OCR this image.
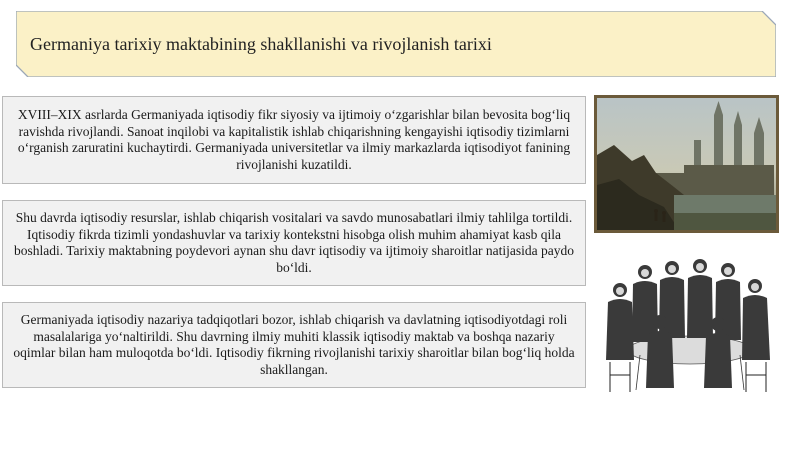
Germaniya tarixiy maktabining shakllanishi va rivojlanish tarixi
XVIII–XIX asrlarda Germaniyada iqtisodiy fikr siyosiy va ijtimoiy oʻzgarishlar bilan bevosita bogʻliq ravishda rivojlandi. Sanoat inqilobi va kapitalistik ishlab chiqarishning kengayishi iqtisodiy tizimlarni oʻrganish zaruratini kuchaytirdi. Germaniyada universitetlar va ilmiy markazlarda iqtisodiyot fanining rivojlanishi kuzatildi.
Shu davrda iqtisodiy resurslar, ishlab chiqarish vositalari va savdo munosabatlari ilmiy tahlilga tortildi. Iqtisodiy fikrda tizimli yondashuvlar va tarixiy kontekstni hisobga olish muhim ahamiyat kasb qila boshladi. Tarixiy maktabning poydevori aynan shu davr iqtisodiy va ijtimoiy sharoitlar natijasida paydo boʻldi.
Germaniyada iqtisodiy nazariya tadqiqotlari bozor, ishlab chiqarish va davlatning iqtisodiyotdagi roli masalalariga yoʻnaltirildi. Shu davrning ilmiy muhiti klassik iqtisodiy maktab va boshqa nazariy oqimlar bilan ham muloqotda boʻldi. Iqtisodiy fikrning rivojlanishi tarixiy sharoitlar bilan bogʻliq holda shakllangan.
